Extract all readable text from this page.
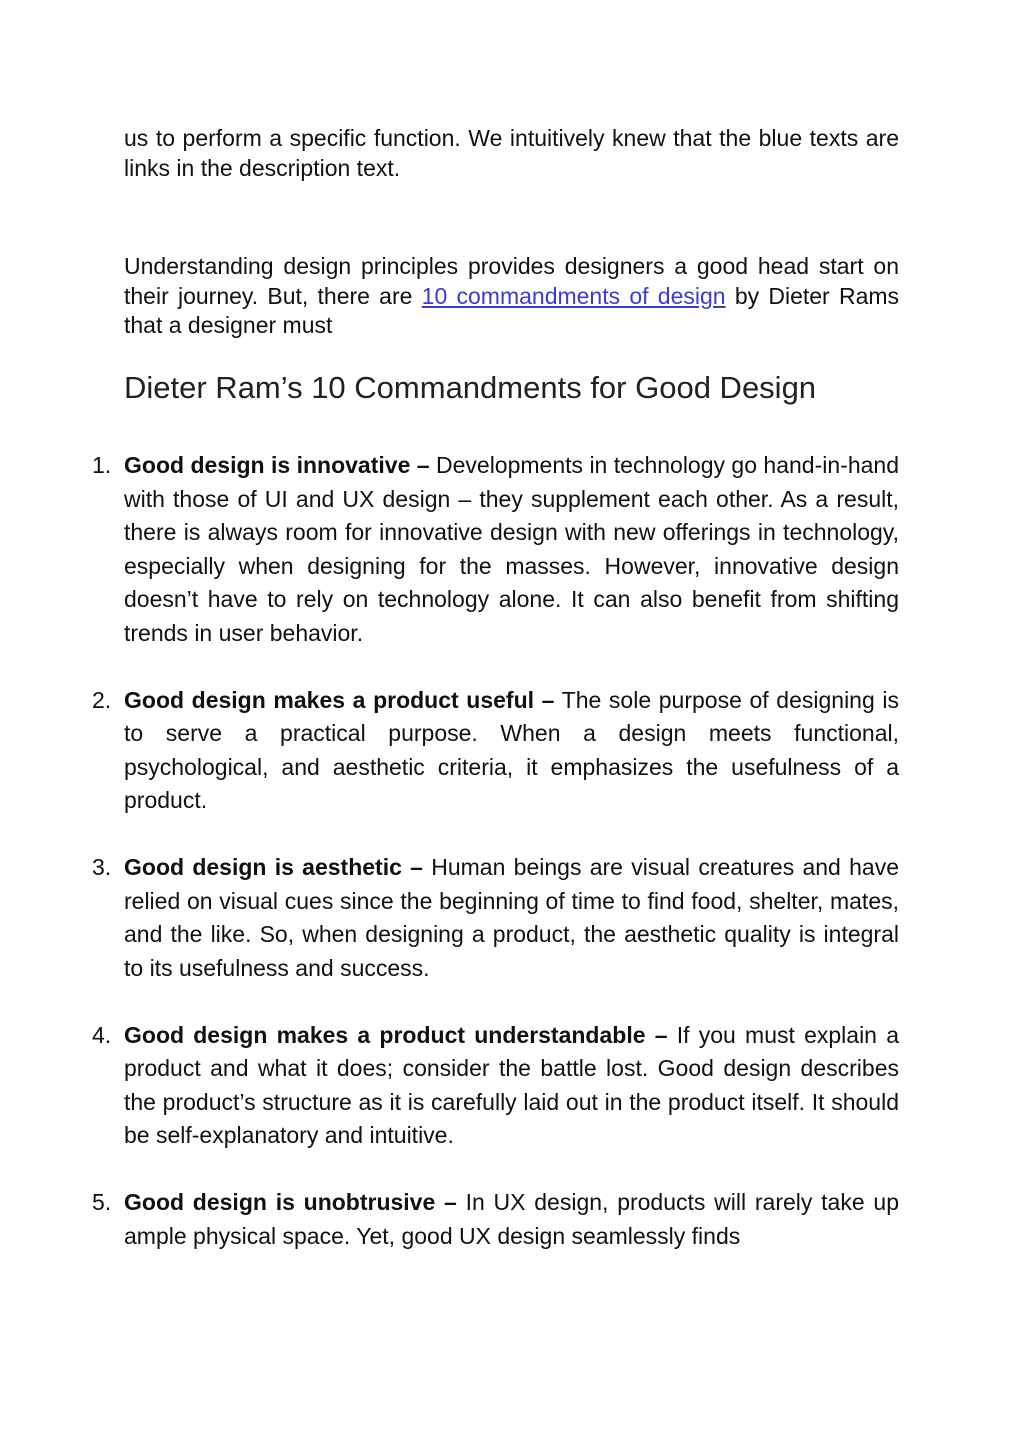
us to perform a specific function. We intuitively knew that the blue texts are links in the description text.

Understanding design principles provides designers a good head start on their journey. But, there are 10 commandments of design by Dieter Rams that a designer must

Dieter Ram’s 10 Commandments for Good Design
1. Good design is innovative – Developments in technology go hand-in-hand with those of UI and UX design – they supplement each other. As a result, there is always room for innovative design with new offerings in technology, especially when designing for the masses. However, innovative design doesn’t have to rely on technology alone. It can also benefit from shifting trends in user behavior.
2. Good design makes a product useful – The sole purpose of designing is to serve a practical purpose. When a design meets functional, psychological, and aesthetic criteria, it emphasizes the usefulness of a product.
3. Good design is aesthetic – Human beings are visual creatures and have relied on visual cues since the beginning of time to find food, shelter, mates, and the like. So, when designing a product, the aesthetic quality is integral to its usefulness and success.
4. Good design makes a product understandable – If you must explain a product and what it does; consider the battle lost. Good design describes the product’s structure as it is carefully laid out in the product itself. It should be self-explanatory and intuitive.
5. Good design is unobtrusive – In UX design, products will rarely take up ample physical space. Yet, good UX design seamlessly finds
